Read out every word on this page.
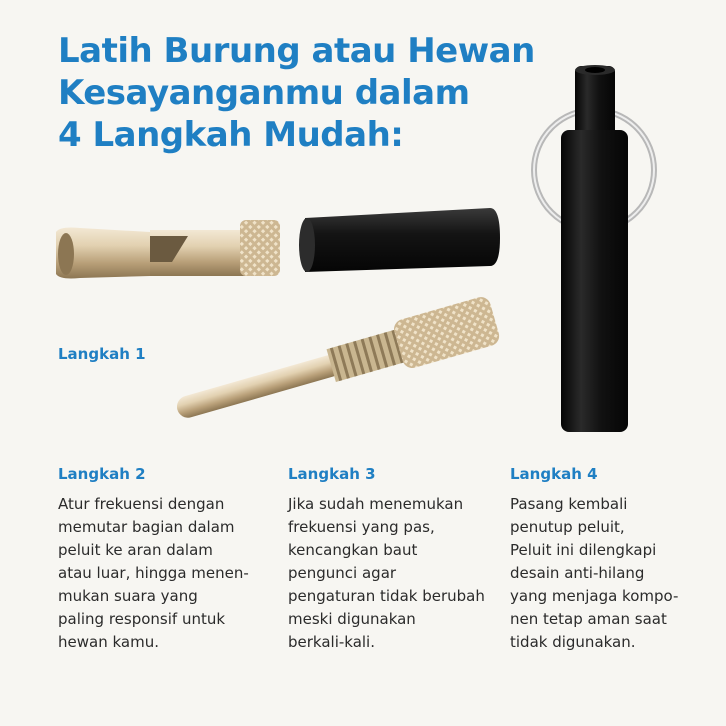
Latih Burung atau Hewan
Kesayanganmu dalam
4 Langkah Mudah:
Langkah 1
Langkah 2

Atur frekuensi dengan
memutar bagian dalam
peluit ke aran dalam
atau luar, hingga menen-
mukan suara yang
paling responsif untuk
hewan kamu.

Langkah 3

Jika sudah menemukan
frekuensi yang pas,
kencangkan baut
pengunci agar
pengaturan tidak berubah
meski digunakan
berkali-kali.

Langkah 4

Pasang kembali
penutup peluit,
Peluit ini dilengkapi
desain anti-hilang
yang menjaga kompo-
nen tetap aman saat
tidak digunakan.
